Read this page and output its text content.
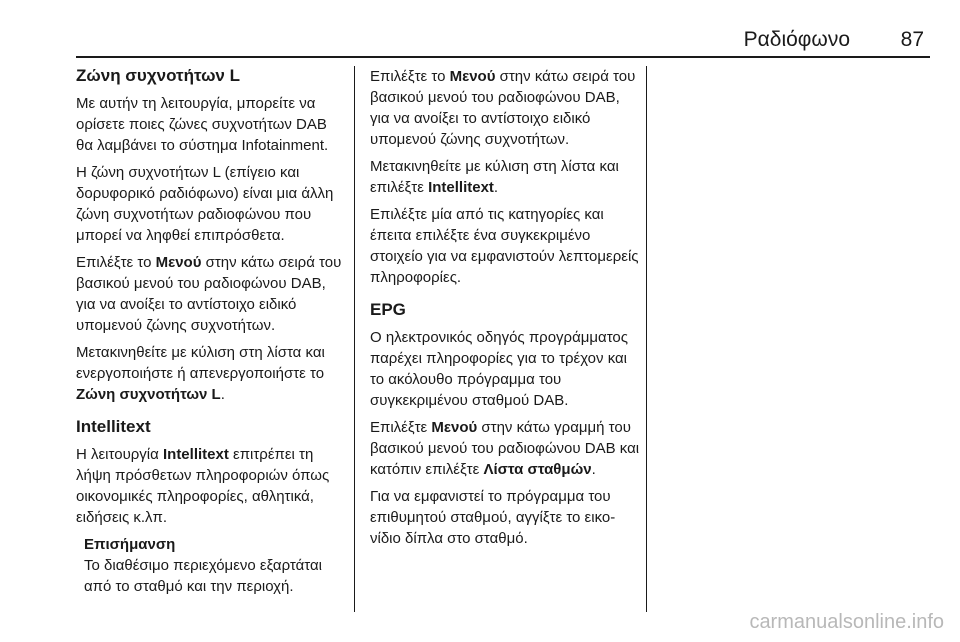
Ραδιόφωνο 87
Ζώνη συχνοτήτων L

Με αυτήν τη λειτουργία, μπορείτε να ορίσετε ποιες ζώνες συχνοτήτων DAB θα λαμβάνει το σύστημα Infotainment.

Η ζώνη συχνοτήτων L (επίγειο και δορυφορικό ραδιόφωνο) είναι μια άλλη ζώνη συχνοτήτων ραδιοφώνου που μπορεί να ληφθεί επιπρόσθετα.

Επιλέξτε το Μενού στην κάτω σειρά του βασικού μενού του ραδιοφώνου DAB, για να ανοίξει το αντίστοιχο ειδικό υπομενού ζώνης συχνοτήτων.

Μετακινηθείτε με κύλιση στη λίστα και ενεργοποιήστε ή απενεργοποιήστε το Ζώνη συχνοτήτων L.

Intellitext

Η λειτουργία Intellitext επιτρέπει τη λήψη πρόσθετων πληροφοριών όπως οικονομικές πληροφορίες, αθλητικά, ειδήσεις κ.λπ.

Επισήμανση
Το διαθέσιμο περιεχόμενο εξαρτάται από το σταθμό και την περιοχή.

Επιλέξτε το Μενού στην κάτω σειρά του βασικού μενού του ραδιοφώνου DAB, για να ανοίξει το αντίστοιχο ειδικό υπομενού ζώνης συχνοτήτων.

Μετακινηθείτε με κύλιση στη λίστα και επιλέξτε Intellitext.

Επιλέξτε μία από τις κατηγορίες και έπειτα επιλέξτε ένα συγκεκριμένο στοιχείο για να εμφανιστούν λεπτομερείς πληροφορίες.

EPG

Ο ηλεκτρονικός οδηγός προγράμματος παρέχει πληροφορίες για το τρέχον και το ακόλουθο πρόγραμμα του συγκεκριμένου σταθμού DAB.

Επιλέξτε Μενού στην κάτω γραμμή του βασικού μενού του ραδιοφώνου DAB και κατόπιν επιλέξτε Λίστα σταθμών.

Για να εμφανιστεί το πρόγραμμα του επιθυμητού σταθμού, αγγίξτε το εικονίδιο δίπλα στο σταθμό.

carmanualsonline.info
